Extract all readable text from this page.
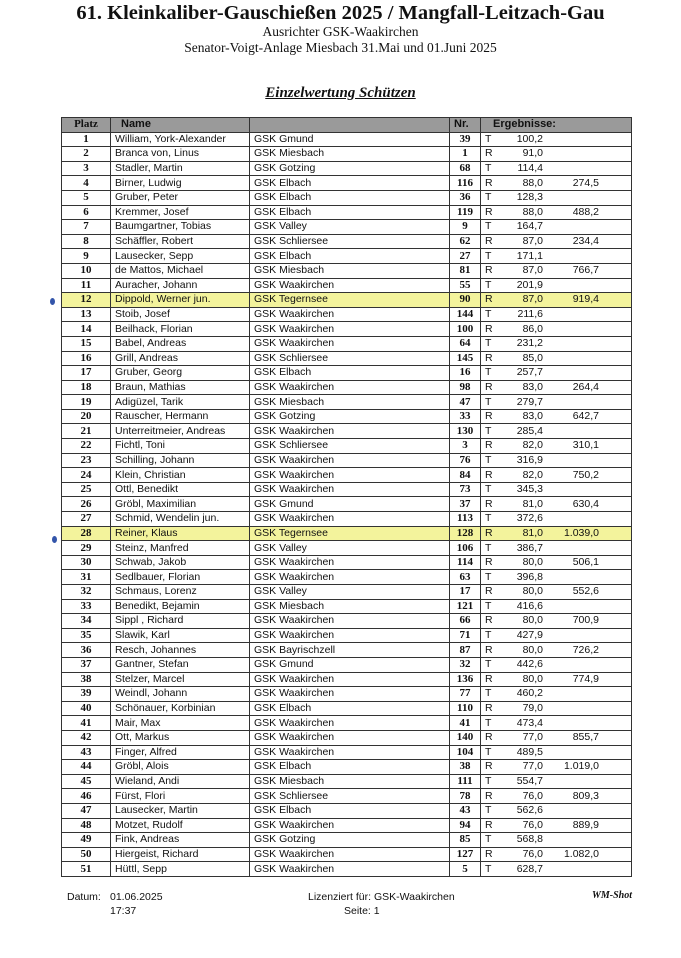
61. Kleinkaliber-Gauschießen 2025 / Mangfall-Leitzach-Gau
Ausrichter GSK-Waakirchen
Senator-Voigt-Anlage Miesbach 31.Mai und 01.Juni 2025
Einzelwertung Schützen
Platz	Name		Nr.	Ergebnisse:
1	William, York-Alexander	GSK Gmund	39	T 100,2
2	Branca von, Linus	GSK Miesbach	1	R 91,0
3	Stadler, Martin	GSK Gotzing	68	T 114,4
4	Birner, Ludwig	GSK Elbach	116	R 88,0 274,5
5	Gruber, Peter	GSK Elbach	36	T 128,3
6	Kremmer, Josef	GSK Elbach	119	R 88,0 488,2
7	Baumgartner, Tobias	GSK Valley	9	T 164,7
8	Schäffler, Robert	GSK Schliersee	62	R 87,0 234,4
9	Lausecker, Sepp	GSK Elbach	27	T 171,1
10	de Mattos, Michael	GSK Miesbach	81	R 87,0 766,7
11	Auracher, Johann	GSK Waakirchen	55	T 201,9
12	Dippold, Werner jun.	GSK Tegernsee	90	R 87,0 919,4
13	Stoib, Josef	GSK Waakirchen	144	T 211,6
14	Beilhack, Florian	GSK Waakirchen	100	R 86,0
15	Babel, Andreas	GSK Waakirchen	64	T 231,2
16	Grill, Andreas	GSK Schliersee	145	R 85,0
17	Gruber, Georg	GSK Elbach	16	T 257,7
18	Braun, Mathias	GSK Waakirchen	98	R 83,0 264,4
19	Adigüzel, Tarik	GSK Miesbach	47	T 279,7
20	Rauscher, Hermann	GSK Gotzing	33	R 83,0 642,7
21	Unterreitmeier, Andreas	GSK Waakirchen	130	T 285,4
22	Fichtl, Toni	GSK Schliersee	3	R 82,0 310,1
23	Schilling, Johann	GSK Waakirchen	76	T 316,9
24	Klein, Christian	GSK Waakirchen	84	R 82,0 750,2
25	Ottl, Benedikt	GSK Waakirchen	73	T 345,3
26	Gröbl, Maximilian	GSK Gmund	37	R 81,0 630,4
27	Schmid, Wendelin jun.	GSK Waakirchen	113	T 372,6
28	Reiner, Klaus	GSK Tegernsee	128	R 81,0 1.039,0
29	Steinz, Manfred	GSK Valley	106	T 386,7
30	Schwab, Jakob	GSK Waakirchen	114	R 80,0 506,1
31	Sedlbauer, Florian	GSK Waakirchen	63	T 396,8
32	Schmaus, Lorenz	GSK Valley	17	R 80,0 552,6
33	Benedikt, Bejamin	GSK Miesbach	121	T 416,6
34	Sippl , Richard	GSK Waakirchen	66	R 80,0 700,9
35	Slawik, Karl	GSK Waakirchen	71	T 427,9
36	Resch, Johannes	GSK Bayrischzell	87	R 80,0 726,2
37	Gantner, Stefan	GSK Gmund	32	T 442,6
38	Stelzer, Marcel	GSK Waakirchen	136	R 80,0 774,9
39	Weindl, Johann	GSK Waakirchen	77	T 460,2
40	Schönauer, Korbinian	GSK Elbach	110	R 79,0
41	Mair, Max	GSK Waakirchen	41	T 473,4
42	Ott, Markus	GSK Waakirchen	140	R 77,0 855,7
43	Finger, Alfred	GSK Waakirchen	104	T 489,5
44	Gröbl, Alois	GSK Elbach	38	R 77,0 1.019,0
45	Wieland, Andi	GSK Miesbach	111	T 554,7
46	Fürst, Flori	GSK Schliersee	78	R 76,0 809,3
47	Lausecker, Martin	GSK Elbach	43	T 562,6
48	Motzet, Rudolf	GSK Waakirchen	94	R 76,0 889,9
49	Fink, Andreas	GSK Gotzing	85	T 568,8
50	Hiergeist, Richard	GSK Waakirchen	127	R 76,0 1.082,0
51	Hüttl, Sepp	GSK Waakirchen	5	T 628,7
Datum: 01.06.2025
17:37
Lizenziert für: GSK-Waakirchen
Seite: 1
WM-Shot
